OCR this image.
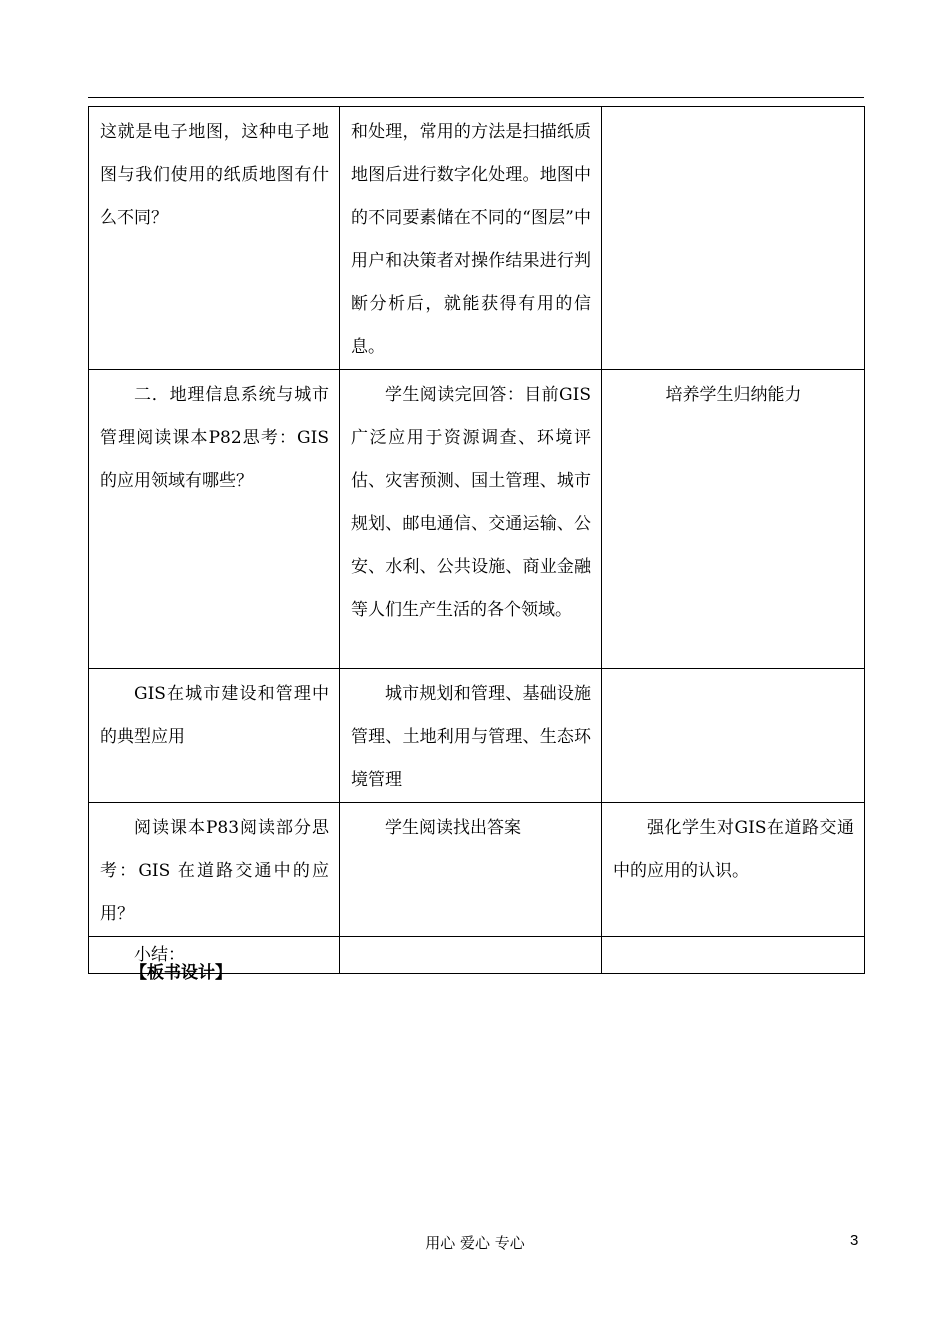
这就是电子地图，这种电子地图与我们使用的纸质地图有什么不同？	和处理，常用的方法是扫描纸质地图后进行数字化处理。地图中的不同要素储在不同的“图层”中用户和决策者对操作结果进行判断分析后，就能获得有用的信息。	
二．地理信息系统与城市管理阅读课本P82思考：GIS的应用领域有哪些？	学生阅读完回答：目前GIS广泛应用于资源调查、环境评估、灾害预测、国土管理、城市规划、邮电通信、交通运输、公安、水利、公共设施、商业金融等人们生产生活的各个领域。	培养学生归纳能力
GIS在城市建设和管理中的典型应用	城市规划和管理、基础设施管理、土地利用与管理、生态环境管理	
阅读课本P83阅读部分思考：GIS 在道路交通中的应用？	学生阅读找出答案	强化学生对GIS在道路交通中的应用的认识。
小结：		
【板书设计】
用心 爱心 专心	3
